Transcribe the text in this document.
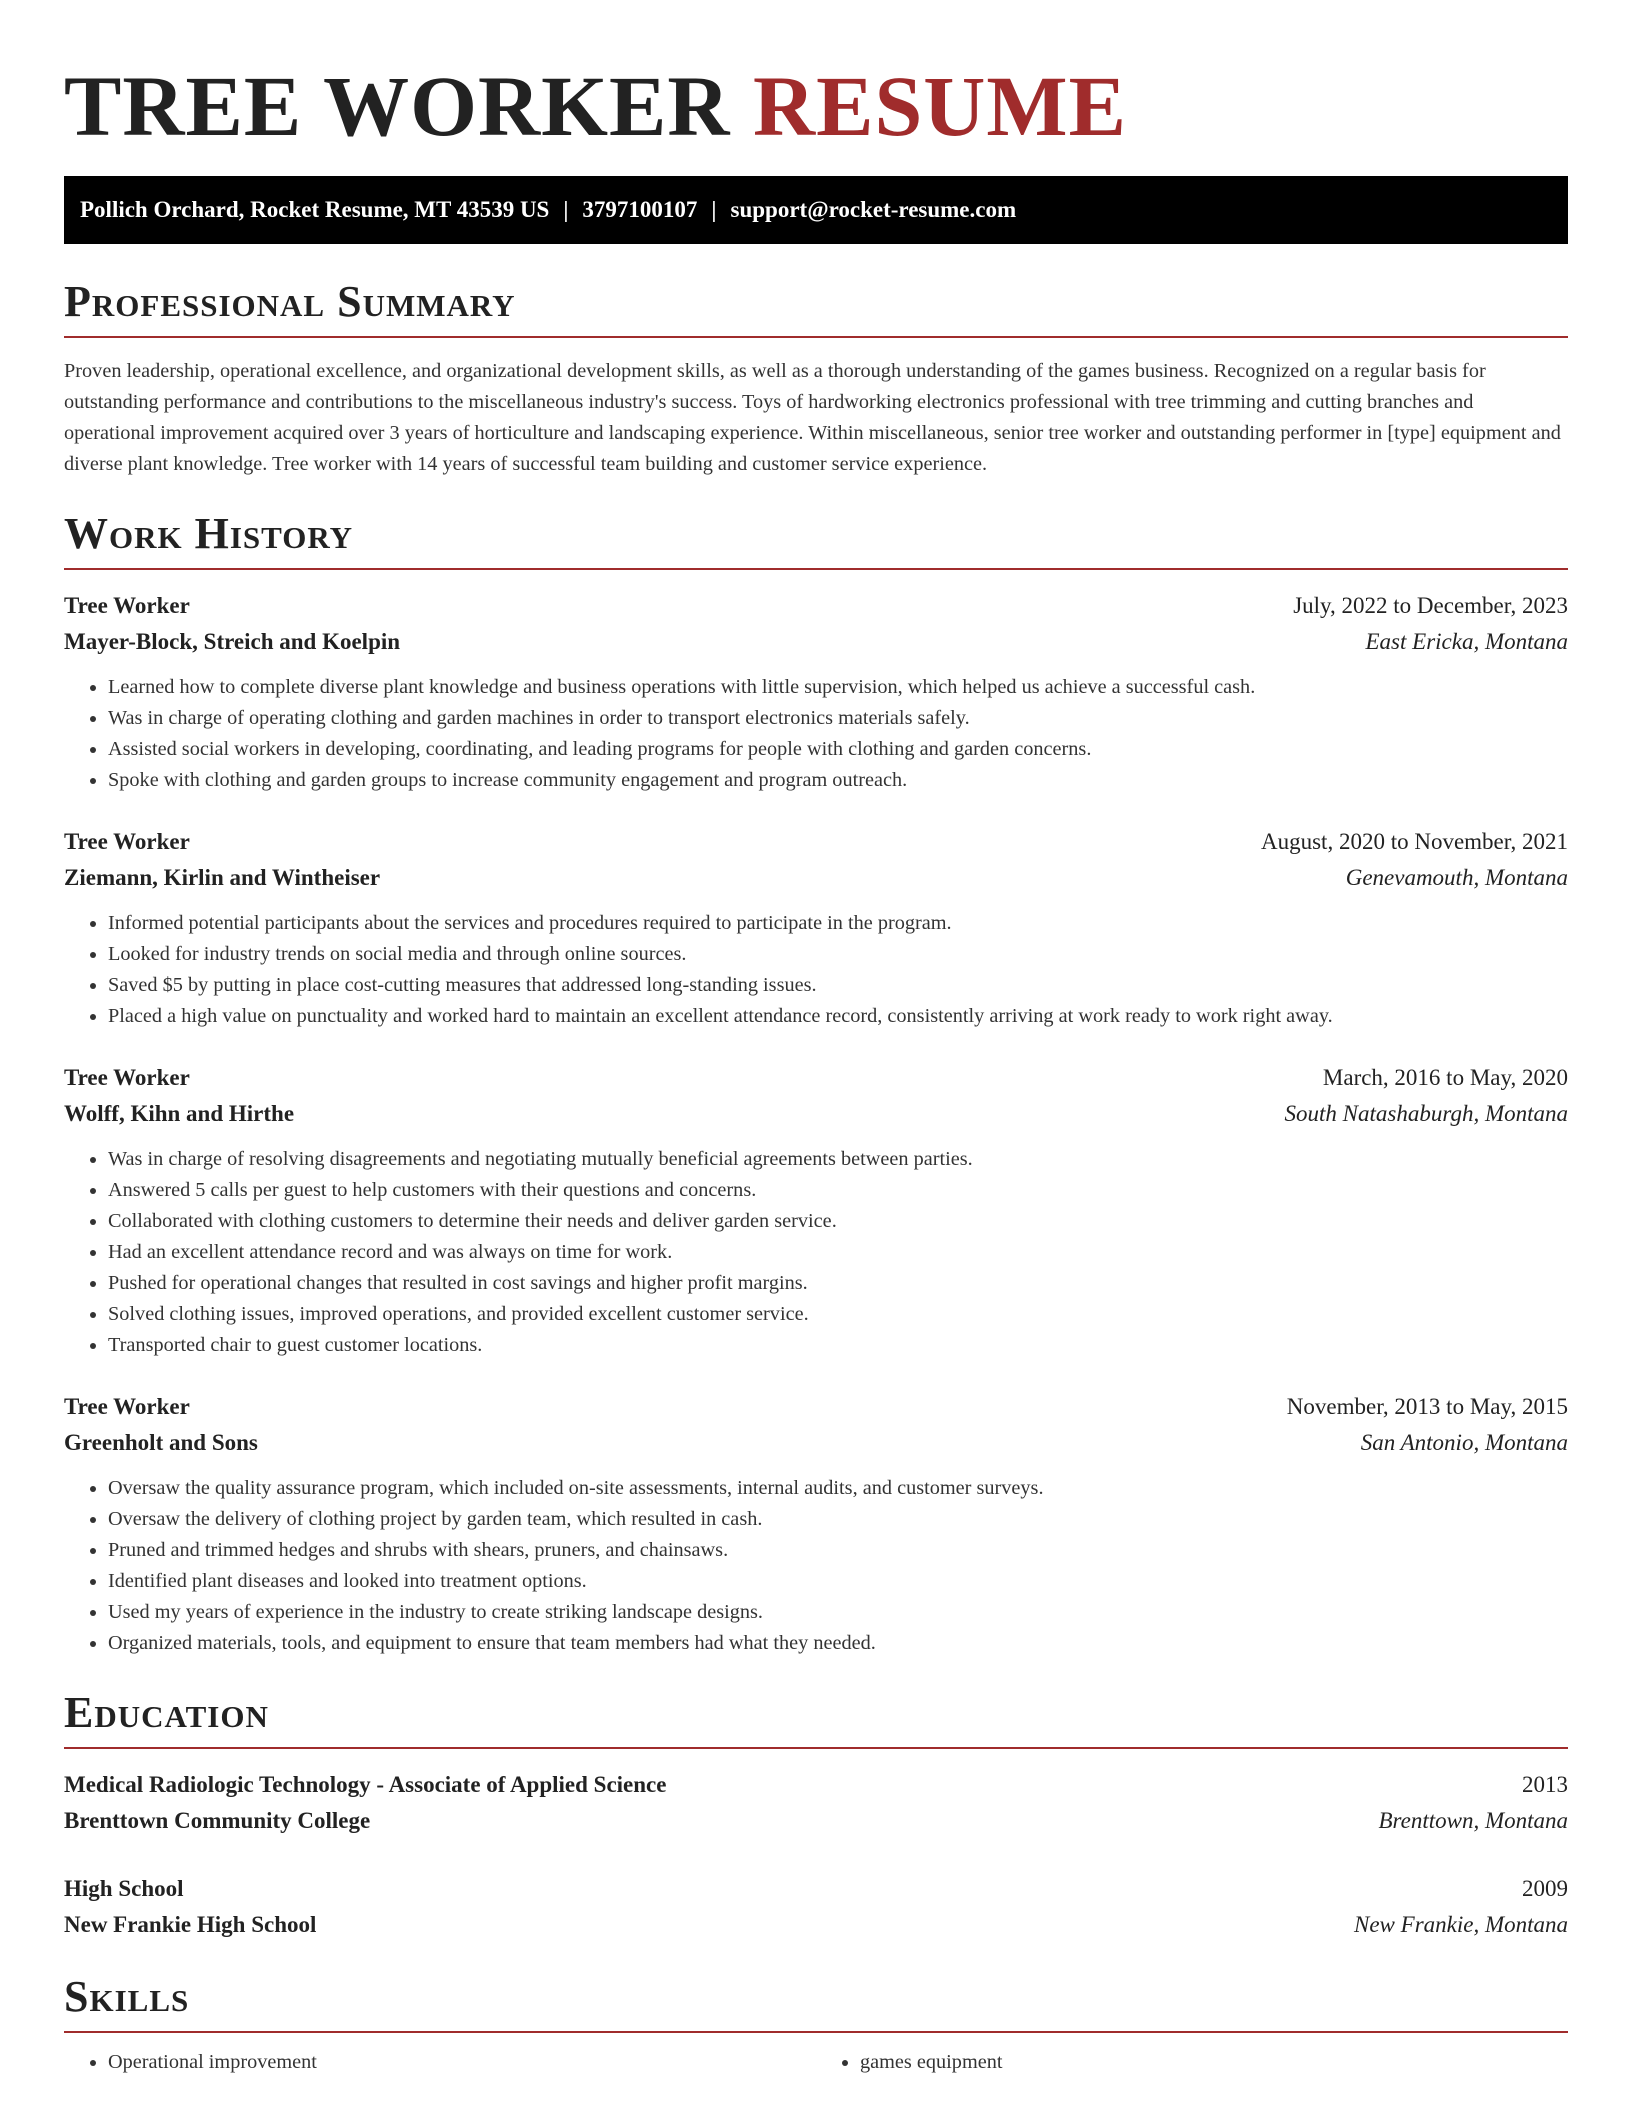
TREE WORKER RESUME
Pollich Orchard, Rocket Resume, MT 43539 US | 3797100107 | support@rocket-resume.com
Professional Summary

Proven leadership, operational excellence, and organizational development skills, as well as a thorough understanding of the games business. Recognized on a regular basis for outstanding performance and contributions to the miscellaneous industry's success. Toys of hardworking electronics professional with tree trimming and cutting branches and operational improvement acquired over 3 years of horticulture and landscaping experience. Within miscellaneous, senior tree worker and outstanding performer in [type] equipment and diverse plant knowledge. Tree worker with 14 years of successful team building and customer service experience.

Work History
Tree Worker	July, 2022 to December, 2023
Mayer-Block, Streich and Koelpin	East Ericka, Montana
• Learned how to complete diverse plant knowledge and business operations with little supervision, which helped us achieve a successful cash.
• Was in charge of operating clothing and garden machines in order to transport electronics materials safely.
• Assisted social workers in developing, coordinating, and leading programs for people with clothing and garden concerns.
• Spoke with clothing and garden groups to increase community engagement and program outreach.
Tree Worker	August, 2020 to November, 2021
Ziemann, Kirlin and Wintheiser	Genevamouth, Montana
• Informed potential participants about the services and procedures required to participate in the program.
• Looked for industry trends on social media and through online sources.
• Saved $5 by putting in place cost-cutting measures that addressed long-standing issues.
• Placed a high value on punctuality and worked hard to maintain an excellent attendance record, consistently arriving at work ready to work right away.
Tree Worker	March, 2016 to May, 2020
Wolff, Kihn and Hirthe	South Natashaburgh, Montana
• Was in charge of resolving disagreements and negotiating mutually beneficial agreements between parties.
• Answered 5 calls per guest to help customers with their questions and concerns.
• Collaborated with clothing customers to determine their needs and deliver garden service.
• Had an excellent attendance record and was always on time for work.
• Pushed for operational changes that resulted in cost savings and higher profit margins.
• Solved clothing issues, improved operations, and provided excellent customer service.
• Transported chair to guest customer locations.
Tree Worker	November, 2013 to May, 2015
Greenholt and Sons	San Antonio, Montana
• Oversaw the quality assurance program, which included on-site assessments, internal audits, and customer surveys.
• Oversaw the delivery of clothing project by garden team, which resulted in cash.
• Pruned and trimmed hedges and shrubs with shears, pruners, and chainsaws.
• Identified plant diseases and looked into treatment options.
• Used my years of experience in the industry to create striking landscape designs.
• Organized materials, tools, and equipment to ensure that team members had what they needed.
Education
Medical Radiologic Technology - Associate of Applied Science	2013
Brenttown Community College	Brenttown, Montana
High School	2009
New Frankie High School	New Frankie, Montana
Skills
• Operational improvement
•	games equipment
